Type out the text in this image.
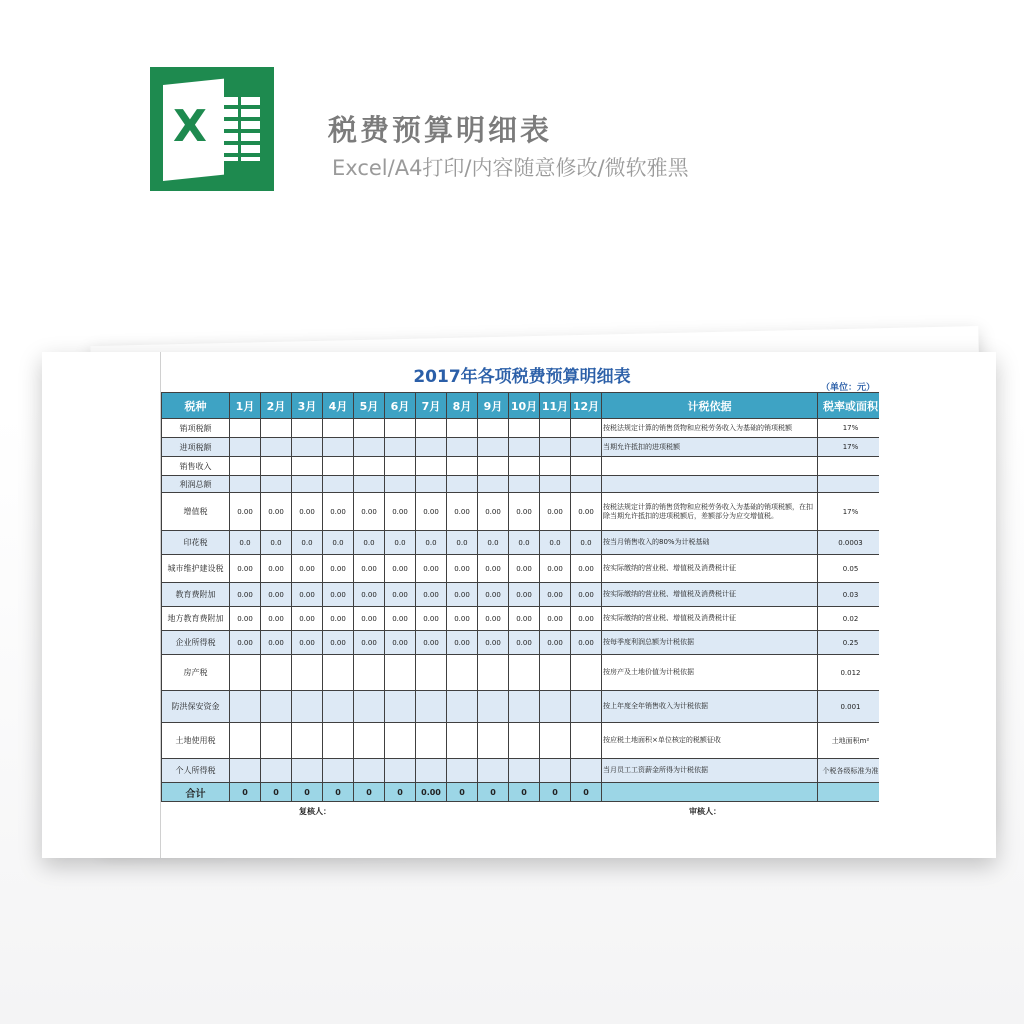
X	税费预算明细表
Excel/A4打印/内容随意修改/微软雅黑
2017年各项税费预算明细表
（单位：元）
税种	1月	2月	3月	4月	5月	6月	7月	8月	9月	10月	11月	12月	计税依据	税率或面积
销项税额													按税法规定计算的销售货物和应税劳务收入为基础的销项税额	17%
进项税额													当期允许抵扣的进项税额	17%
销售收入														
利润总额														
增值税	0.00	0.00	0.00	0.00	0.00	0.00	0.00	0.00	0.00	0.00	0.00	0.00	按税法规定计算的销售货物和应税劳务收入为基础的销项税额，在扣除当期允许抵扣的进项税额后，差额部分为应交增值税。	17%
印花税	0.0	0.0	0.0	0.0	0.0	0.0	0.0	0.0	0.0	0.0	0.0	0.0	按当月销售收入的80%为计税基础	0.0003
城市维护建设税	0.00	0.00	0.00	0.00	0.00	0.00	0.00	0.00	0.00	0.00	0.00	0.00	按实际缴纳的营业税、增值税及消费税计征	0.05
教育费附加	0.00	0.00	0.00	0.00	0.00	0.00	0.00	0.00	0.00	0.00	0.00	0.00	按实际缴纳的营业税、增值税及消费税计征	0.03
地方教育费附加	0.00	0.00	0.00	0.00	0.00	0.00	0.00	0.00	0.00	0.00	0.00	0.00	按实际缴纳的营业税、增值税及消费税计征	0.02
企业所得税	0.00	0.00	0.00	0.00	0.00	0.00	0.00	0.00	0.00	0.00	0.00	0.00	按每季度利润总额为计税依据	0.25
房产税													按房产及土地价值为计税依据	0.012
防洪保安资金													按上年度全年销售收入为计税依据	0.001
土地使用税													按应税土地面积×单位核定的税额征收	土地面积m²
个人所得税													当月员工工资薪金所得为计税依据	个税各级标准为准
合计	0	0	0	0	0	0	0.00	0	0	0	0	0		
复核人：	审核人：
